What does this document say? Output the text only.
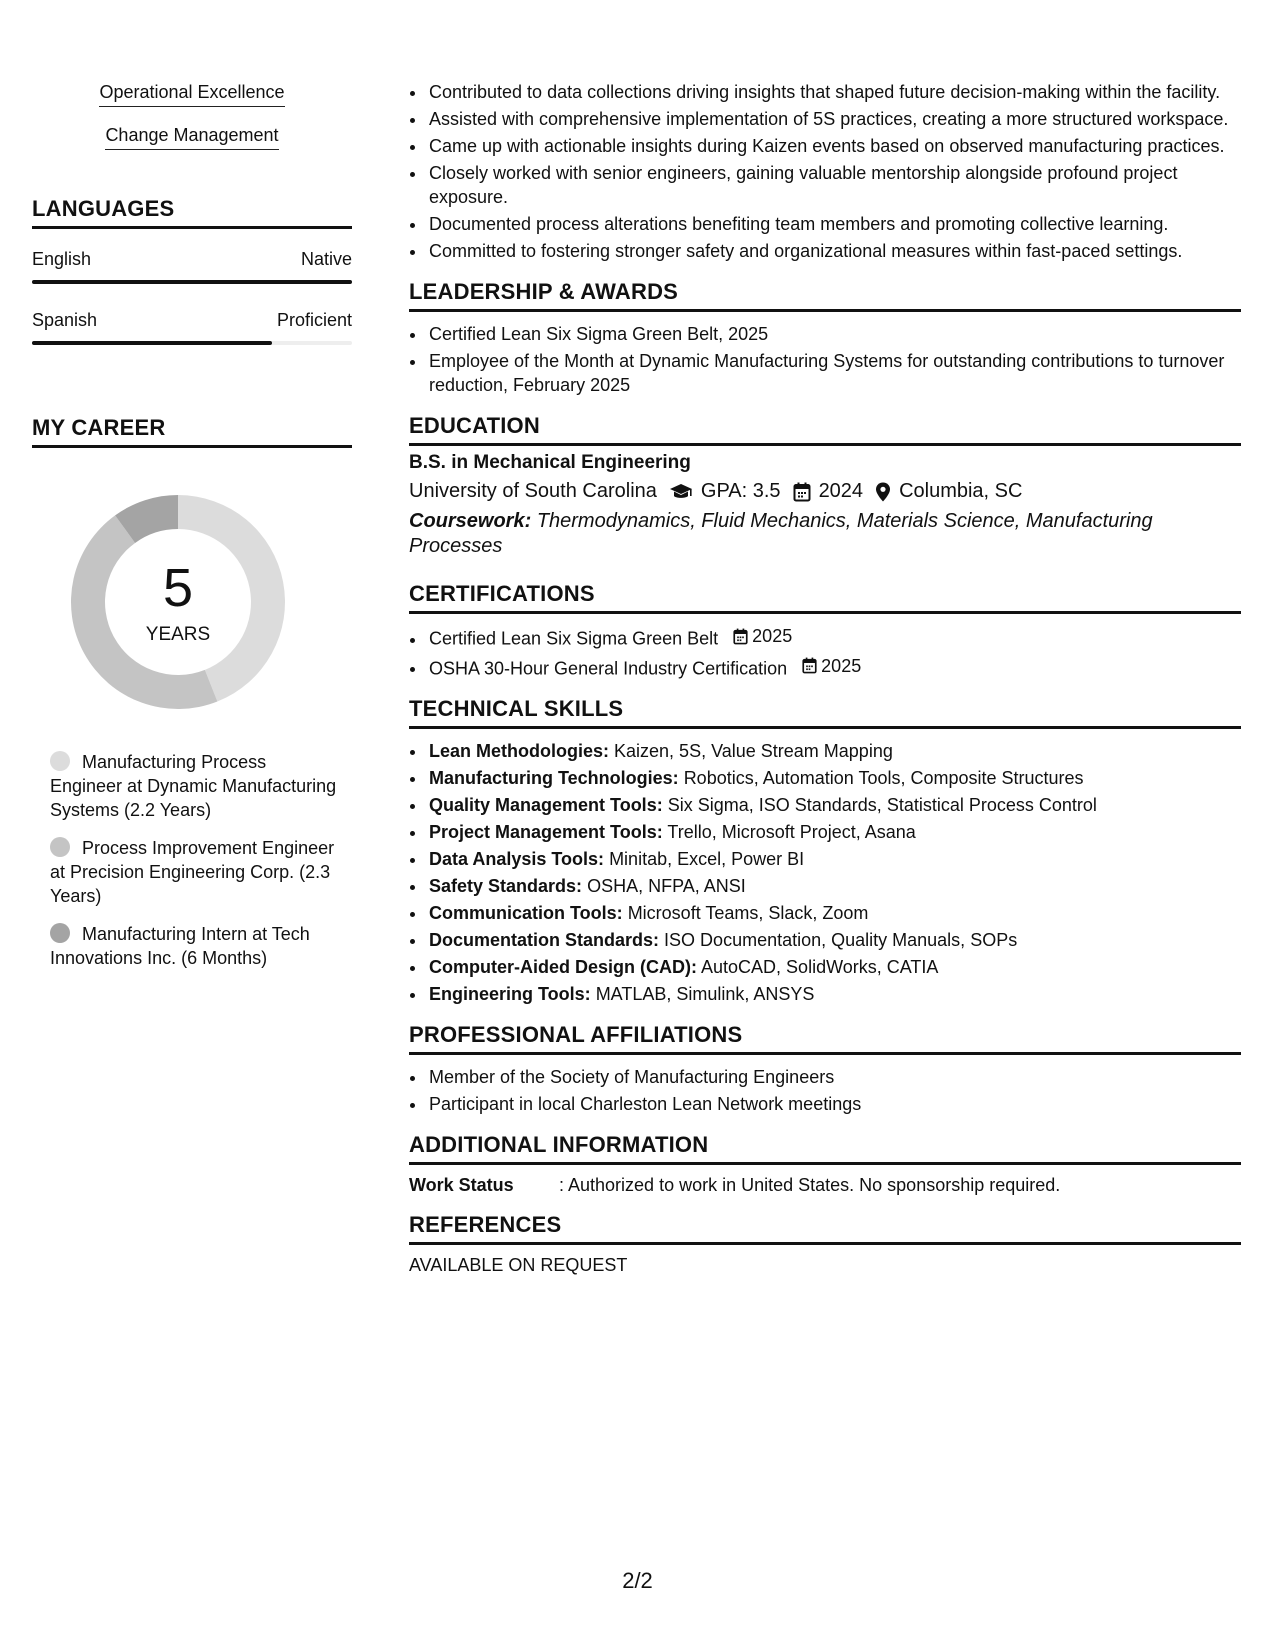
Operational Excellence
Change Management
LANGUAGES
English	Native
Spanish	Proficient
MY CAREER
5
YEARS
Manufacturing Process Engineer at Dynamic Manufacturing Systems (2.2 Years)
Process Improvement Engineer at Precision Engineering Corp. (2.3 Years)
Manufacturing Intern at Tech Innovations Inc. (6 Months)
• Contributed to data collections driving insights that shaped future decision-making within the facility.
• Assisted with comprehensive implementation of 5S practices, creating a more structured workspace.
• Came up with actionable insights during Kaizen events based on observed manufacturing practices.
• Closely worked with senior engineers, gaining valuable mentorship alongside profound project exposure.
• Documented process alterations benefiting team members and promoting collective learning.
• Committed to fostering stronger safety and organizational measures within fast-paced settings.
LEADERSHIP & AWARDS
• Certified Lean Six Sigma Green Belt, 2025
• Employee of the Month at Dynamic Manufacturing Systems for outstanding contributions to turnover reduction, February 2025
EDUCATION
B.S. in Mechanical Engineering
University of South Carolina GPA: 3.5 2024 Columbia, SC
Coursework: Thermodynamics, Fluid Mechanics, Materials Science, Manufacturing Processes
CERTIFICATIONS
• Certified Lean Six Sigma Green Belt 2025
• OSHA 30-Hour General Industry Certification 2025
TECHNICAL SKILLS
• Lean Methodologies: Kaizen, 5S, Value Stream Mapping
• Manufacturing Technologies: Robotics, Automation Tools, Composite Structures
• Quality Management Tools: Six Sigma, ISO Standards, Statistical Process Control
• Project Management Tools: Trello, Microsoft Project, Asana
• Data Analysis Tools: Minitab, Excel, Power BI
• Safety Standards: OSHA, NFPA, ANSI
• Communication Tools: Microsoft Teams, Slack, Zoom
• Documentation Standards: ISO Documentation, Quality Manuals, SOPs
• Computer-Aided Design (CAD): AutoCAD, SolidWorks, CATIA
• Engineering Tools: MATLAB, Simulink, ANSYS
PROFESSIONAL AFFILIATIONS
• Member of the Society of Manufacturing Engineers
• Participant in local Charleston Lean Network meetings
ADDITIONAL INFORMATION
Work Status	: Authorized to work in United States. No sponsorship required.
REFERENCES
AVAILABLE ON REQUEST
2/2
